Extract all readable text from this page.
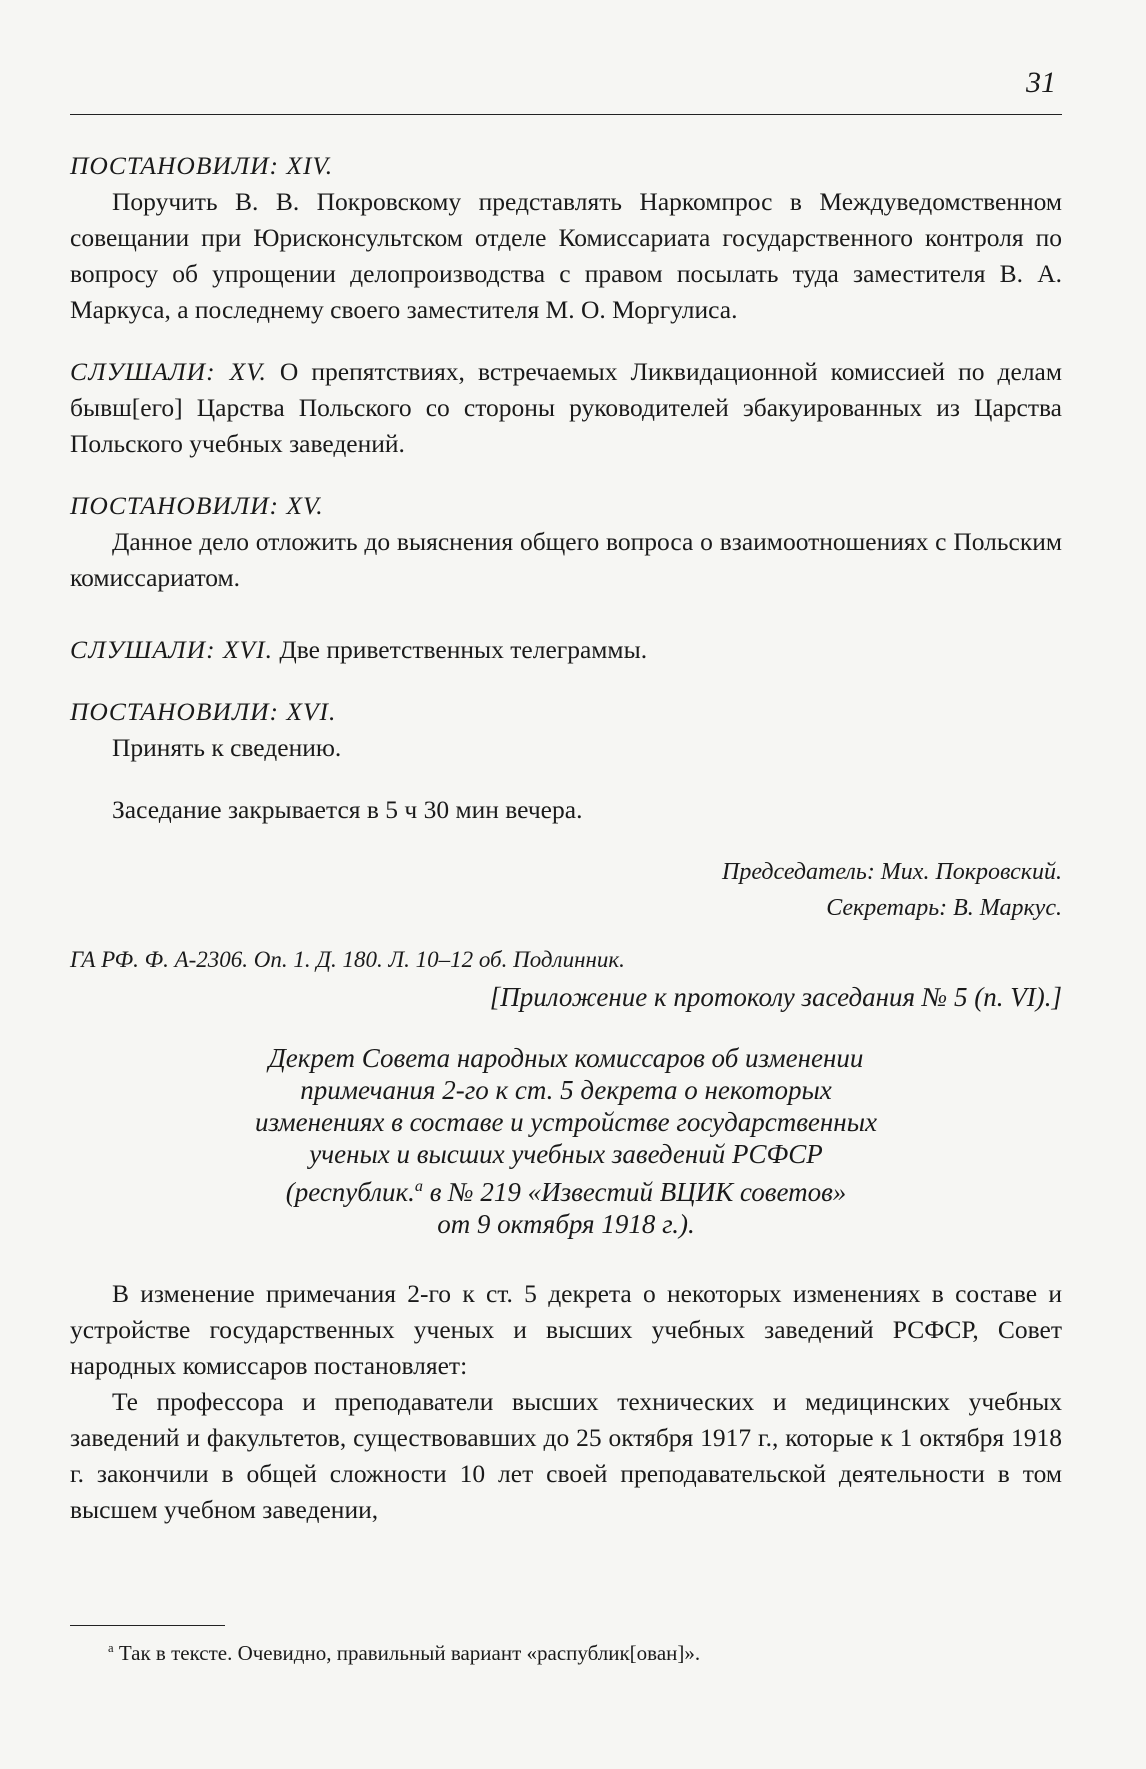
31

ПОСТАНОВИЛИ: XIV.

Поручить В. В. Покровскому представлять Наркомпрос в Междуведомственном совещании при Юрисконсультском отделе Комиссариата государственного контроля по вопросу об упрощении делопроизводства с правом посылать туда заместителя В. А. Маркуса, а последнему своего заместителя М. О. Моргулиса.

СЛУШАЛИ: XV. О препятствиях, встречаемых Ликвидационной комиссией по делам бывш[его] Царства Польского со стороны руководителей эбакуированных из Царства Польского учебных заведений.

ПОСТАНОВИЛИ: XV.

Данное дело отложить до выяснения общего вопроса о взаимоотношениях с Польским комиссариатом.

СЛУШАЛИ: XVI. Две приветственных телеграммы.

ПОСТАНОВИЛИ: XVI.

Принять к сведению.

Заседание закрывается в 5 ч 30 мин вечера.

Председатель: Мих. Покровский.

Секретарь: В. Маркус.

ГА РФ. Ф. А-2306. Оп. 1. Д. 180. Л. 10–12 об. Подлинник.

[Приложение к протоколу заседания № 5 (п. VI).]

Декрет Совета народных комиссаров об изменении

примечания 2-го к ст. 5 декрета о некоторых

изменениях в составе и устройстве государственных

ученых и высших учебных заведений РСФСР

(республик.$^а$ в № 219 «Известий ВЦИК советов»

от 9 октября 1918 г.).

В изменение примечания 2-го к ст. 5 декрета о некоторых изменениях в составе и устройстве государственных ученых и высших учебных заведений РСФСР, Совет народных комиссаров постановляет:

Те профессора и преподаватели высших технических и медицинских учебных заведений и факультетов, существовавших до 25 октября 1917 г., которые к 1 октября 1918 г. закончили в общей сложности 10 лет своей преподавательской деятельности в том высшем учебном заведении,

$^а$ Так в тексте. Очевидно, правильный вариант «распублик[ован]».
